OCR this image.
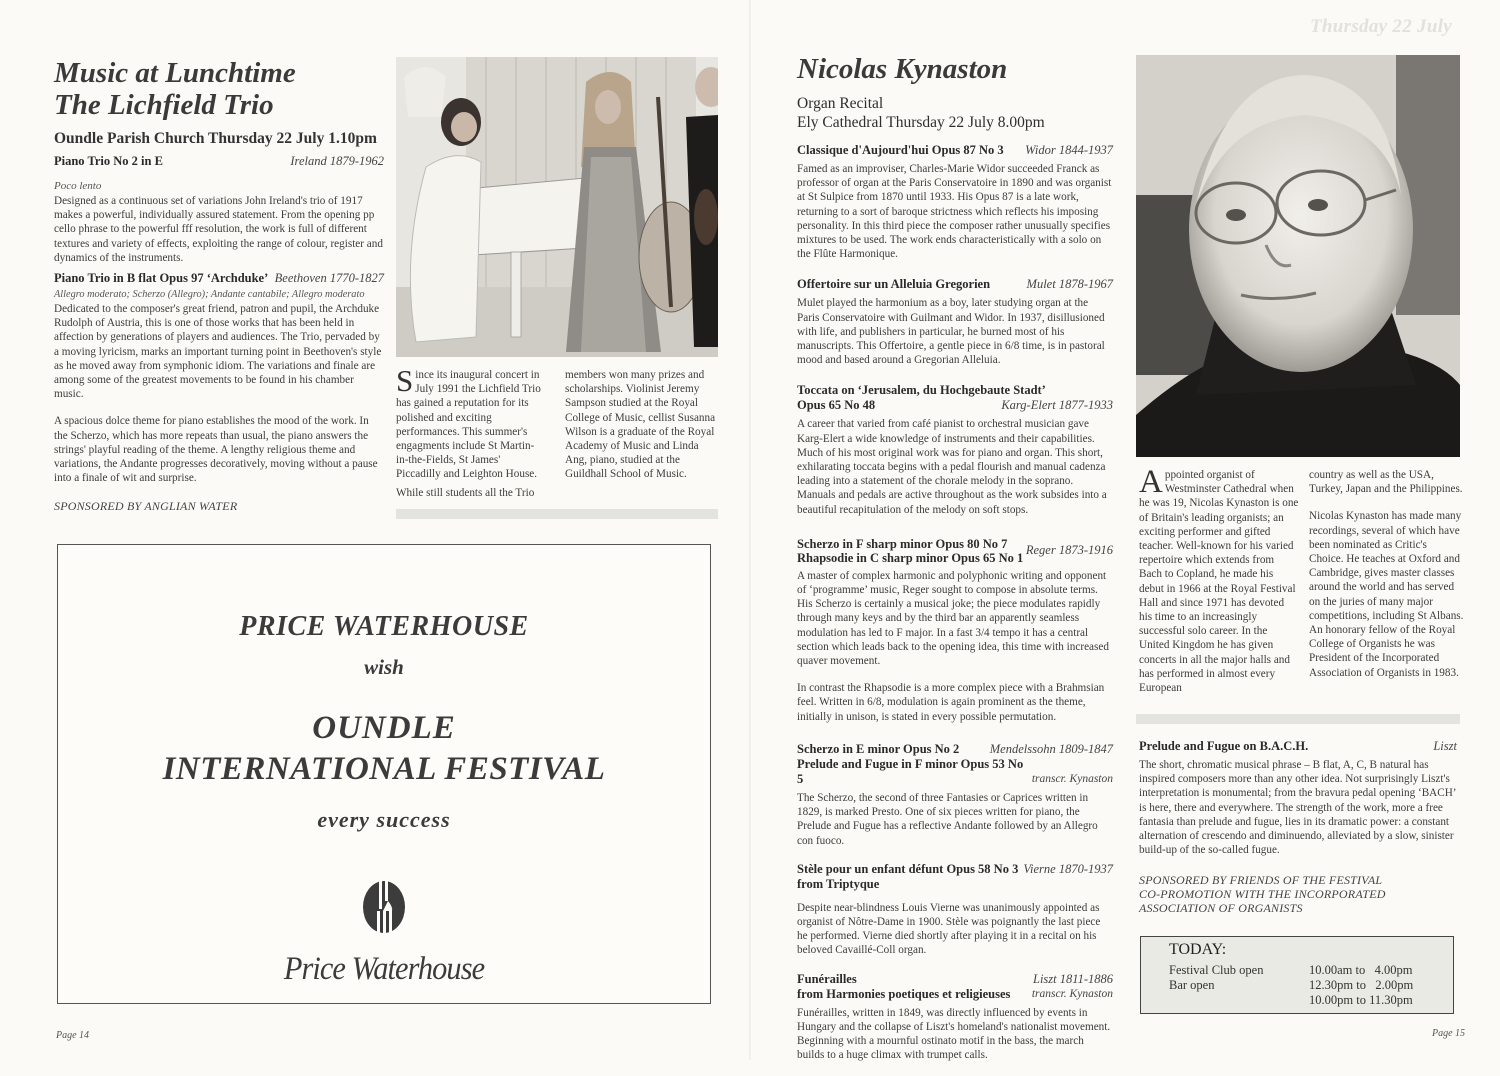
Thursday 22 July
Music at Lunchtime
The Lichfield Trio
Oundle Parish Church Thursday 22 July 1.10pm
Piano Trio No 2 in E	Ireland 1879-1962
Poco lento

Designed as a continuous set of variations John Ireland's trio of 1917 makes a powerful, individually assured statement. From the opening pp cello phrase to the powerful fff resolution, the work is full of different textures and variety of effects, exploiting the range of colour, register and dynamics of the instruments.

Piano Trio in B flat Opus 97 ‘Archduke’ Beethoven 1770-1827
Allegro moderato; Scherzo (Allegro); Andante cantabile; Allegro moderato

Dedicated to the composer's great friend, patron and pupil, the Archduke Rudolph of Austria, this is one of those works that has been held in affection by generations of players and audiences. The Trio, pervaded by a moving lyricism, marks an important turning point in Beethoven's style as he moved away from symphonic idiom. The variations and finale are among some of the greatest movements to be found in his chamber music.

A spacious dolce theme for piano establishes the mood of the work. In the Scherzo, which has more repeats than usual, the piano answers the strings' playful reading of the theme. A lengthy religious theme and variations, the Andante progresses decoratively, moving without a pause into a finale of wit and surprise.

SPONSORED BY ANGLIAN WATER
Since its inaugural concert in July 1991 the Lichfield Trio has gained a reputation for its polished and exciting performances. This summer's engagments include St Martin-in-the-Fields, St James' Piccadilly and Leighton House.
While still students all the Trio
members won many prizes and scholarships. Violinist Jeremy Sampson studied at the Royal College of Music, cellist Susanna Wilson is a graduate of the Royal Academy of Music and Linda Ang, piano, studied at the Guildhall School of Music.
PRICE WATERHOUSE
wish
OUNDLE
INTERNATIONAL FESTIVAL
every success
Price Waterhouse
Page 14
Nicolas Kynaston
Organ Recital
Ely Cathedral Thursday 22 July 8.00pm
Classique d'Aujourd'hui Opus 87 No 3 Widor 1844-1937

Famed as an improviser, Charles-Marie Widor succeeded Franck as professor of organ at the Paris Conservatoire in 1890 and was organist at St Sulpice from 1870 until 1933. His Opus 87 is a late work, returning to a sort of baroque strictness which reflects his imposing personality. In this third piece the composer rather unusually specifies mixtures to be used. The work ends characteristically with a solo on the Flûte Harmonique.

Offertoire sur un Alleluia Gregorien	Mulet 1878-1967

Mulet played the harmonium as a boy, later studying organ at the Paris Conservatoire with Guilmant and Widor. In 1937, disillusioned with life, and publishers in particular, he burned most of his manuscripts. This Offertoire, a gentle piece in 6/8 time, is in pastoral mood and based around a Gregorian Alleluia.

Toccata on ‘Jerusalem, du Hochgebaute Stadt’
Opus 65 No 48	Karg-Elert 1877-1933

A career that varied from café pianist to orchestral musician gave Karg-Elert a wide knowledge of instruments and their capabilities. Much of his most original work was for piano and organ. This short, exhilarating toccata begins with a pedal flourish and manual cadenza leading into a statement of the chorale melody in the soprano. Manuals and pedals are active throughout as the work subsides into a beautiful recapitulation of the melody on soft stops.

Scherzo in F sharp minor Opus 80 No 7
Rhapsodie in C sharp minor Opus 65 No 1
Reger 1873-1916

A master of complex harmonic and polyphonic writing and opponent of ‘programme’ music, Reger sought to compose in absolute terms. His Scherzo is certainly a musical joke; the piece modulates rapidly through many keys and by the third bar an apparently seamless modulation has led to F major. In a fast 3/4 tempo it has a central section which leads back to the opening idea, this time with increased quaver movement.

In contrast the Rhapsodie is a more complex piece with a Brahmsian feel. Written in 6/8, modulation is again prominent as the theme, initially in unison, is stated in every possible permutation.

Scherzo in E minor Opus No 2 Mendelssohn 1809-1847
Prelude and Fugue in F minor Opus 53 No 5	transcr. Kynaston

The Scherzo, the second of three Fantasies or Caprices written in 1829, is marked Presto. One of six pieces written for piano, the Prelude and Fugue has a reflective Andante followed by an Allegro con fuoco.

Stèle pour un enfant défunt Opus 58 No 3 Vierne 1870-1937
from Triptyque

Despite near-blindness Louis Vierne was unanimously appointed as organist of Nôtre-Dame in 1900. Stèle was poignantly the last piece he performed. Vierne died shortly after playing it in a recital on his beloved Cavaillé-Coll organ.

Funérailles	Liszt 1811-1886
from Harmonies poetiques et religieuses transcr. Kynaston

Funérailles, written in 1849, was directly influenced by events in Hungary and the collapse of Liszt's homeland's nationalist movement. Beginning with a mournful ostinato motif in the bass, the march builds to a huge climax with trumpet calls.

Appointed organist of Westminster Cathedral when he was 19, Nicolas Kynaston is one of Britain's leading organists; an exciting performer and gifted teacher. Well-known for his varied repertoire which extends from Bach to Copland, he made his debut in 1966 at the Royal Festival Hall and since 1971 has devoted his time to an increasingly successful solo career. In the United Kingdom he has given concerts in all the major halls and has performed in almost every European

country as well as the USA, Turkey, Japan and the Philippines.

Nicolas Kynaston has made many recordings, several of which have been nominated as Critic's Choice. He teaches at Oxford and Cambridge, gives master classes around the world and has served on the juries of many major competitions, including St Albans. An honorary fellow of the Royal College of Organists he was President of the Incorporated Association of Organists in 1983.

Prelude and Fugue on B.A.C.H.	Liszt

The short, chromatic musical phrase – B flat, A, C, B natural has inspired composers more than any other idea. Not surprisingly Liszt's interpretation is monumental; from the bravura pedal opening ‘BACH’ is here, there and everywhere. The strength of the work, more a free fantasia than prelude and fugue, lies in its dramatic power: a constant alternation of crescendo and diminuendo, alleviated by a slow, sinister build-up of the so-called fugue.

SPONSORED BY FRIENDS OF THE FESTIVAL
CO-PROMOTION WITH THE INCORPORATED
ASSOCIATION OF ORGANISTS
TODAY:
Festival Club open	10.00am to   4.00pm
Bar open	12.30pm to   2.00pm
10.00pm to 11.30pm
Page 15
